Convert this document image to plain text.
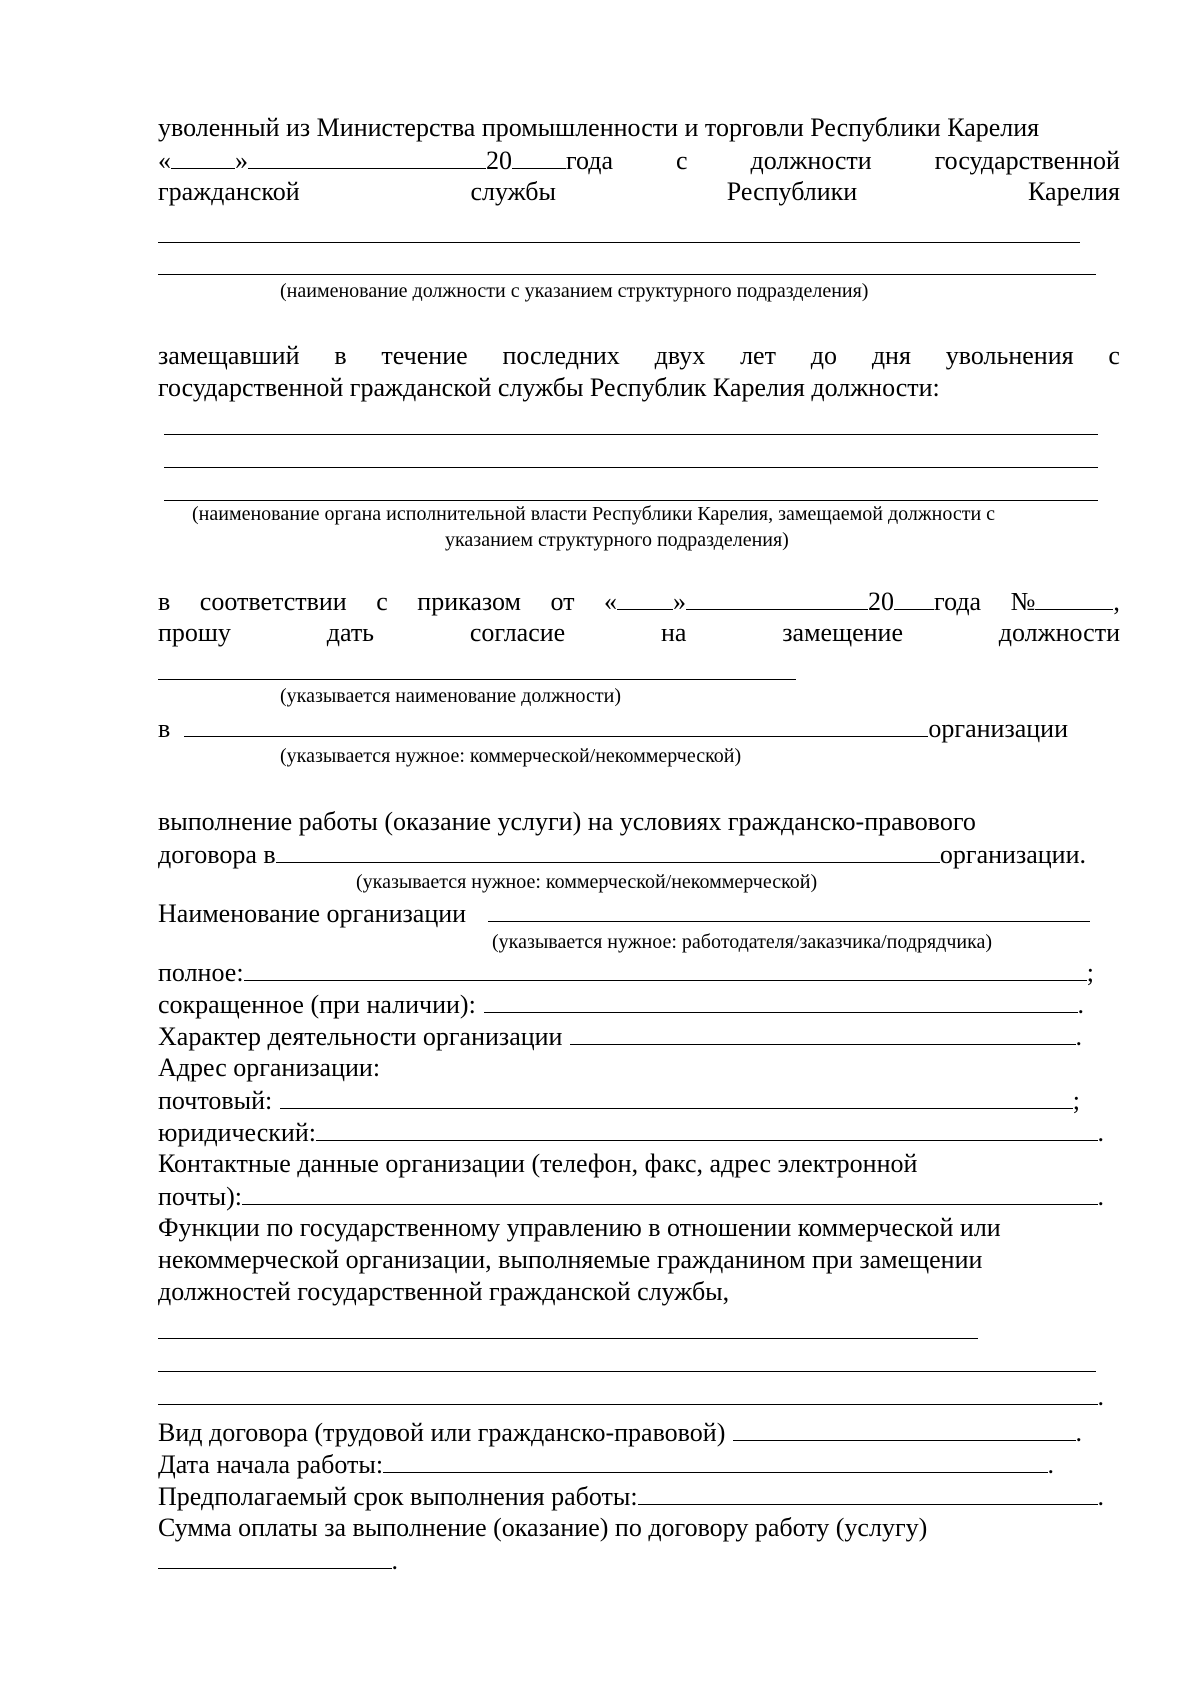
уволенный из Министерства промышленности и торговли Республики Карелия
« »	20 года с должности государственной
гражданской	службы	Республики	Карелия
(наименование должности с указанием структурного подразделения)
замещавший в течение последних двух лет до дня увольнения с
государственной гражданской службы Республик Карелия должности:
(наименование органа исполнительной власти Республики Карелия, замещаемой должности с
указанием структурного подразделения)
в соответствии с приказом от « »	20 года №	,
прошу	дать	согласие	на	замещение	должности
(указывается наименование должности)
в	организации
(указывается нужное: коммерческой/некоммерческой)
выполнение работы (оказание услуги) на условиях гражданско-правового
договора в	организации.
(указывается нужное: коммерческой/некоммерческой)
Наименование организации
(указывается нужное: работодателя/заказчика/подрядчика)
полное:	;
сокращенное (при наличии):	.
Характер деятельности организации	.
Адрес организации:
почтовый:	;
юридический:	.
Контактные данные организации (телефон, факс, адрес электронной
почты):	.
Функции по государственному управлению в отношении коммерческой или
некоммерческой организации, выполняемые гражданином при замещении
должностей государственной гражданской службы,
.
Вид договора (трудовой или гражданско-правовой)	.
Дата начала работы:	.
Предполагаемый срок выполнения работы:	.
Сумма оплаты за выполнение (оказание) по договору работу (услугу)
.
